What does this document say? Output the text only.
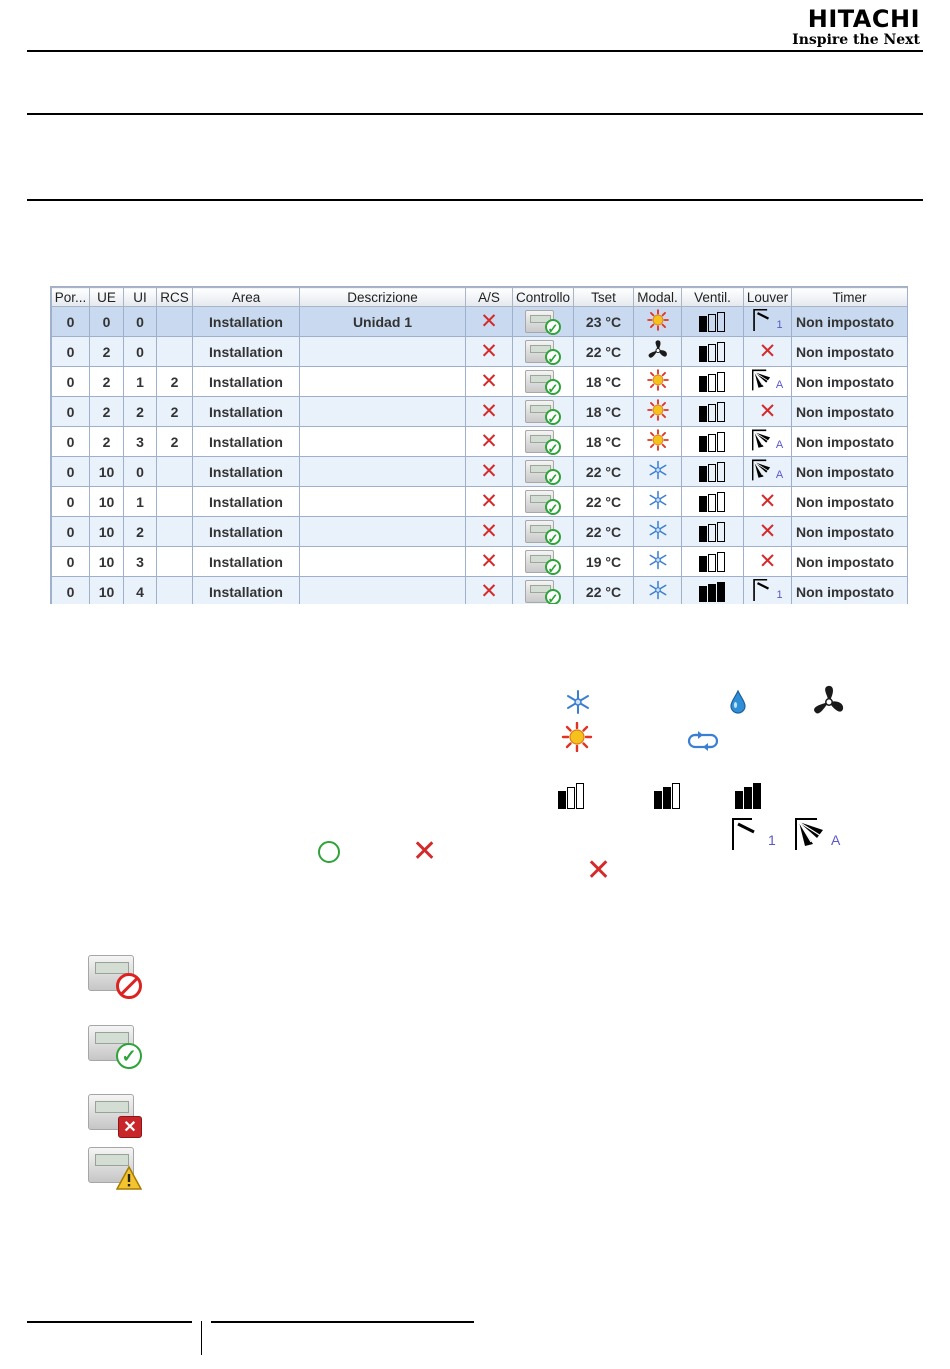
HITACHI
Inspire the Next
Por...	UE	UI	RCS	Area	Descrizione	A/S	Controllo	Tset	Modal.	Ventil.	Louver	Timer
0	0	0		Installation	Unidad 1	✕	✓	23 °C			1	Non impostato
0	2	0		Installation		✕	✓	22 °C			✕	Non impostato
0	2	1	2	Installation		✕	✓	18 °C			A	Non impostato
0	2	2	2	Installation		✕	✓	18 °C			✕	Non impostato
0	2	3	2	Installation		✕	✓	18 °C			A	Non impostato
0	10	0		Installation		✕	✓	22 °C			A	Non impostato
0	10	1		Installation		✕	✓	22 °C			✕	Non impostato
0	10	2		Installation		✕	✓	22 °C			✕	Non impostato
0	10	3		Installation		✕	✓	19 °C			✕	Non impostato
0	10	4		Installation		✕	✓	22 °C			1	Non impostato
1	A
✕
✕
✓
✕
